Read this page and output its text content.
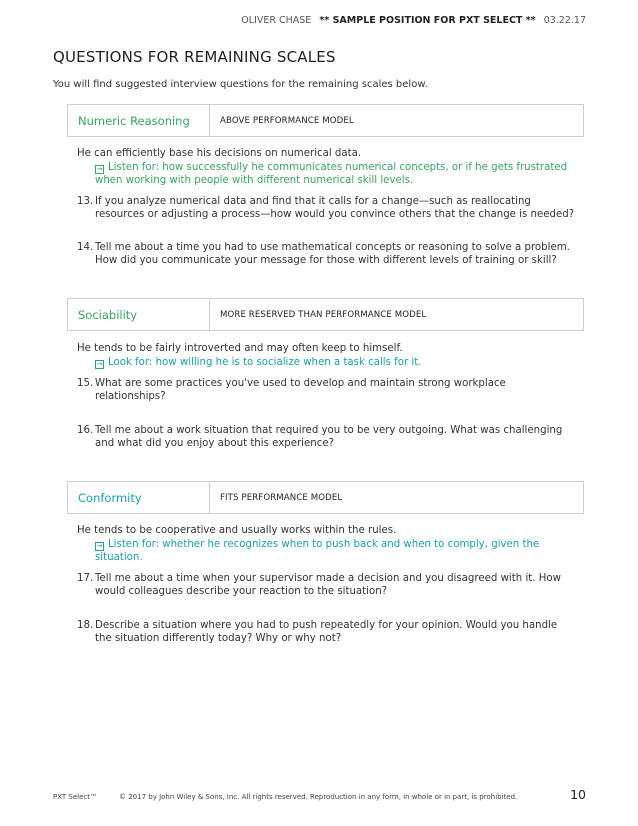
OLIVER CHASE ** SAMPLE POSITION FOR PXT SELECT ** 03.22.17
QUESTIONS FOR REMAINING SCALES
You will find suggested interview questions for the remaining scales below.
Numeric Reasoning	ABOVE PERFORMANCE MODEL

He can efficiently base his decisions on numerical data.

→ Listen for: how successfully he communicates numerical concepts, or if he gets frustrated when working with people with different numerical skill levels.

13. If you analyze numerical data and find that it calls for a change—such as reallocating resources or adjusting a process—how would you convince others that the change is needed?
14. Tell me about a time you had to use mathematical concepts or reasoning to solve a problem. How did you communicate your message for those with different levels of training or skill?
Sociability	MORE RESERVED THAN PERFORMANCE MODEL

He tends to be fairly introverted and may often keep to himself.

→ Look for: how willing he is to socialize when a task calls for it.

15. What are some practices you've used to develop and maintain strong workplace relationships?
16. Tell me about a work situation that required you to be very outgoing. What was challenging and what did you enjoy about this experience?
Conformity	FITS PERFORMANCE MODEL

He tends to be cooperative and usually works within the rules.

→ Listen for: whether he recognizes when to push back and when to comply, given the situation.

17. Tell me about a time when your supervisor made a decision and you disagreed with it. How would colleagues describe your reaction to the situation?
18. Describe a situation where you had to push repeatedly for your opinion. Would you handle the situation differently today? Why or why not?
PXT Select™	© 2017 by John Wiley & Sons, Inc. All rights reserved. Reproduction in any form, in whole or in part, is prohibited.	10
